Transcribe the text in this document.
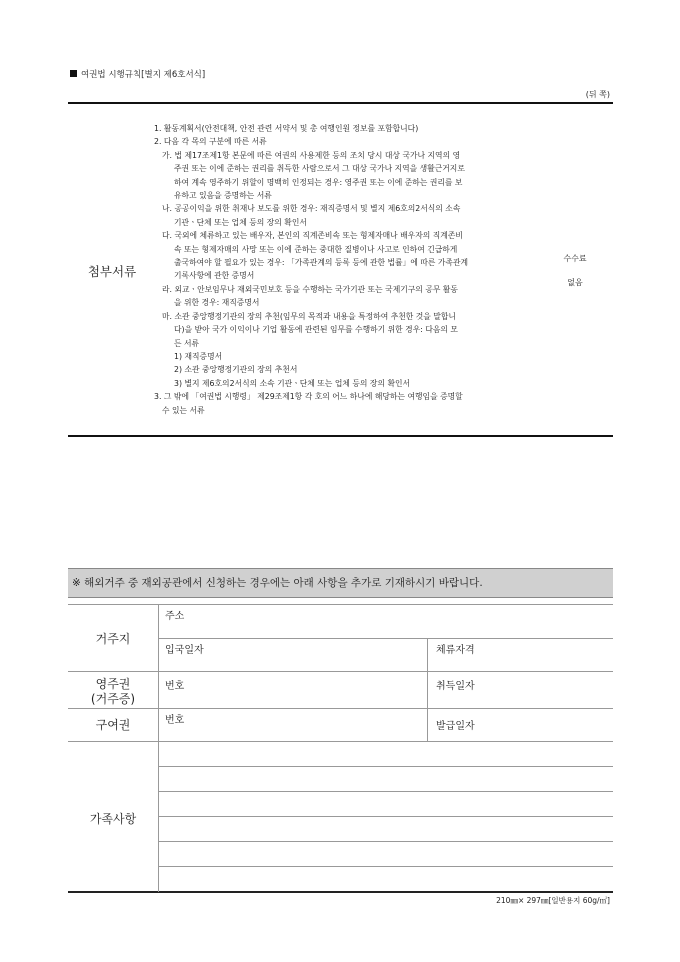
여권법 시행규칙[별지 제6호서식]
(뒤 쪽)
첨부서류
1. 활동계획서(안전대책, 안전 관련 서약서 및 총 여행인원 정보를 포함합니다)
2. 다음 각 목의 구분에 따른 서류
가. 법 제17조제1항 본문에 따른 여권의 사용제한 등의 조치 당시 대상 국가나 지역의 영
주권 또는 이에 준하는 권리를 취득한 사람으로서 그 대상 국가나 지역을 생활근거지로
하여 계속 영주하기 위할이 명백히 인정되는 경우: 영주권 또는 이에 준하는 권리를 보
유하고 있음을 증명하는 서류
나. 공공이익을 위한 취재나 보도를 위한 경우: 재직증명서 및 별지 제6호의2서식의 소속
기관ㆍ단체 또는 업체 등의 장의 확인서
다. 국외에 체류하고 있는 배우자, 본인의 직계존비속 또는 형제자매나 배우자의 직계존비
속 또는 형제자매의 사망 또는 이에 준하는 중대한 질병이나 사고로 인하여 긴급하게
출국하여야 할 필요가 있는 경우: 「가족관계의 등록 등에 관한 법률」에 따른 가족관계
기록사항에 관한 증명서
라. 외교ㆍ안보임무나 재외국민보호 등을 수행하는 국가기관 또는 국제기구의 공무 활동
을 위한 경우: 재직증명서
마. 소관 중앙행정기관의 장의 추천(임무의 목적과 내용을 특정하여 추천한 것을 말합니
다)을 받아 국가 이익이나 기업 활동에 관련된 임무를 수행하기 위한 경우: 다음의 모
든 서류
1) 재직증명서
2) 소관 중앙행정기관의 장의 추천서
3) 별지 제6호의2서식의 소속 기관ㆍ단체 또는 업체 등의 장의 확인서
3. 그 밖에 「여권법 시행령」 제29조제1항 각 호의 어느 하나에 해당하는 여행임을 증명할
수 있는 서류
수수료
없음
※ 해외거주 중 재외공관에서 신청하는 경우에는 아래 사항을 추가로 기재하시기 바랍니다.
거주지
영주권
(거주증)
구여권
가족사항
주소
입국일자	체류자격
번호	취득일자
번호
발급일자
210㎜× 297㎜[일반용지 60g/㎡]
